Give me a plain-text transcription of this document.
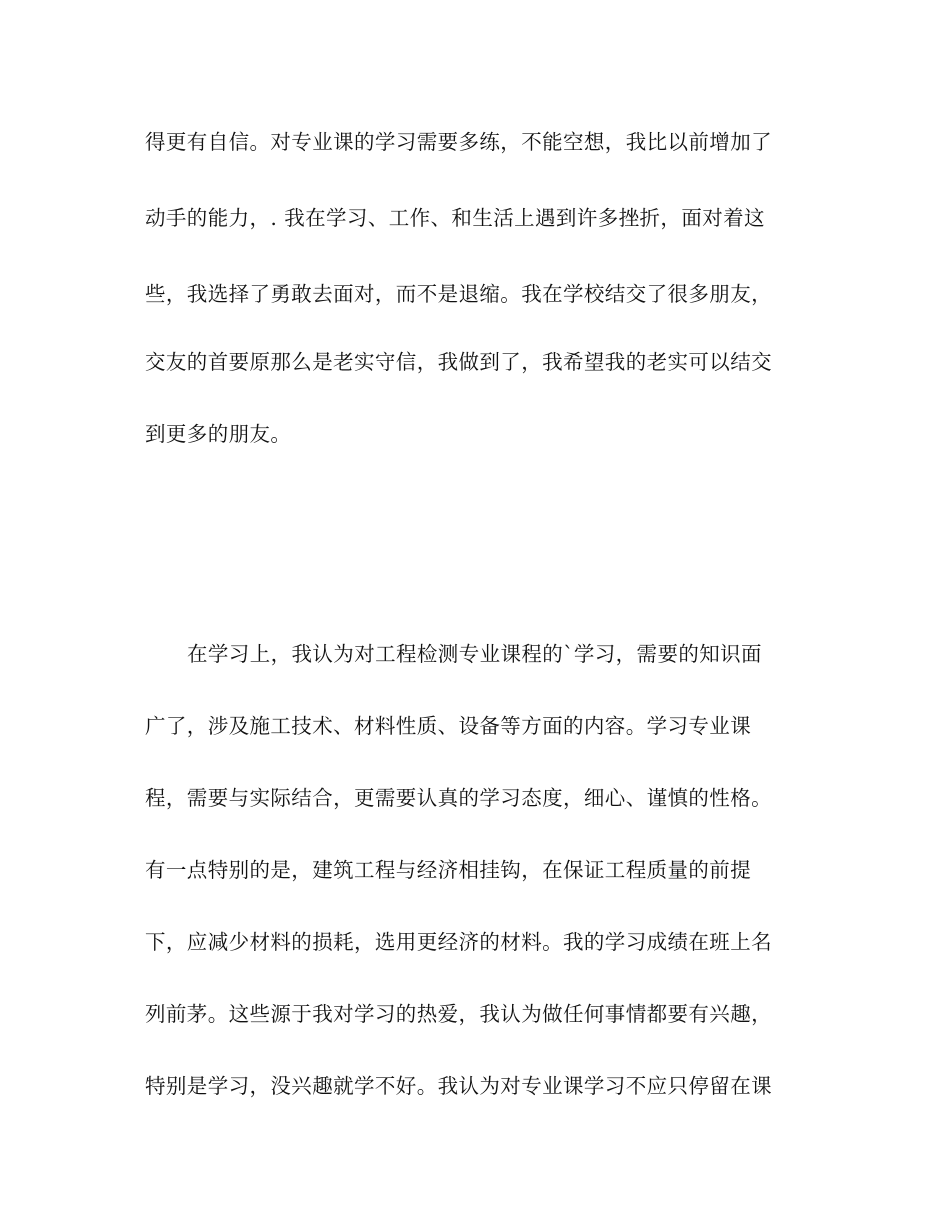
得更有自信。对专业课的学习需要多练，不能空想，我比以前增加了

动手的能力，. 我在学习、工作、和生活上遇到许多挫折，面对着这

些，我选择了勇敢去面对，而不是退缩。我在学校结交了很多朋友，

交友的首要原那么是老实守信，我做到了，我希望我的老实可以结交

到更多的朋友。

在学习上，我认为对工程检测专业课程的`学习，需要的知识面

广了，涉及施工技术、材料性质、设备等方面的内容。学习专业课

程，需要与实际结合，更需要认真的学习态度，细心、谨慎的性格。

有一点特别的是，建筑工程与经济相挂钩，在保证工程质量的前提

下，应减少材料的损耗，选用更经济的材料。我的学习成绩在班上名

列前茅。这些源于我对学习的热爱，我认为做任何事情都要有兴趣，

特别是学习，没兴趣就学不好。我认为对专业课学习不应只停留在课
